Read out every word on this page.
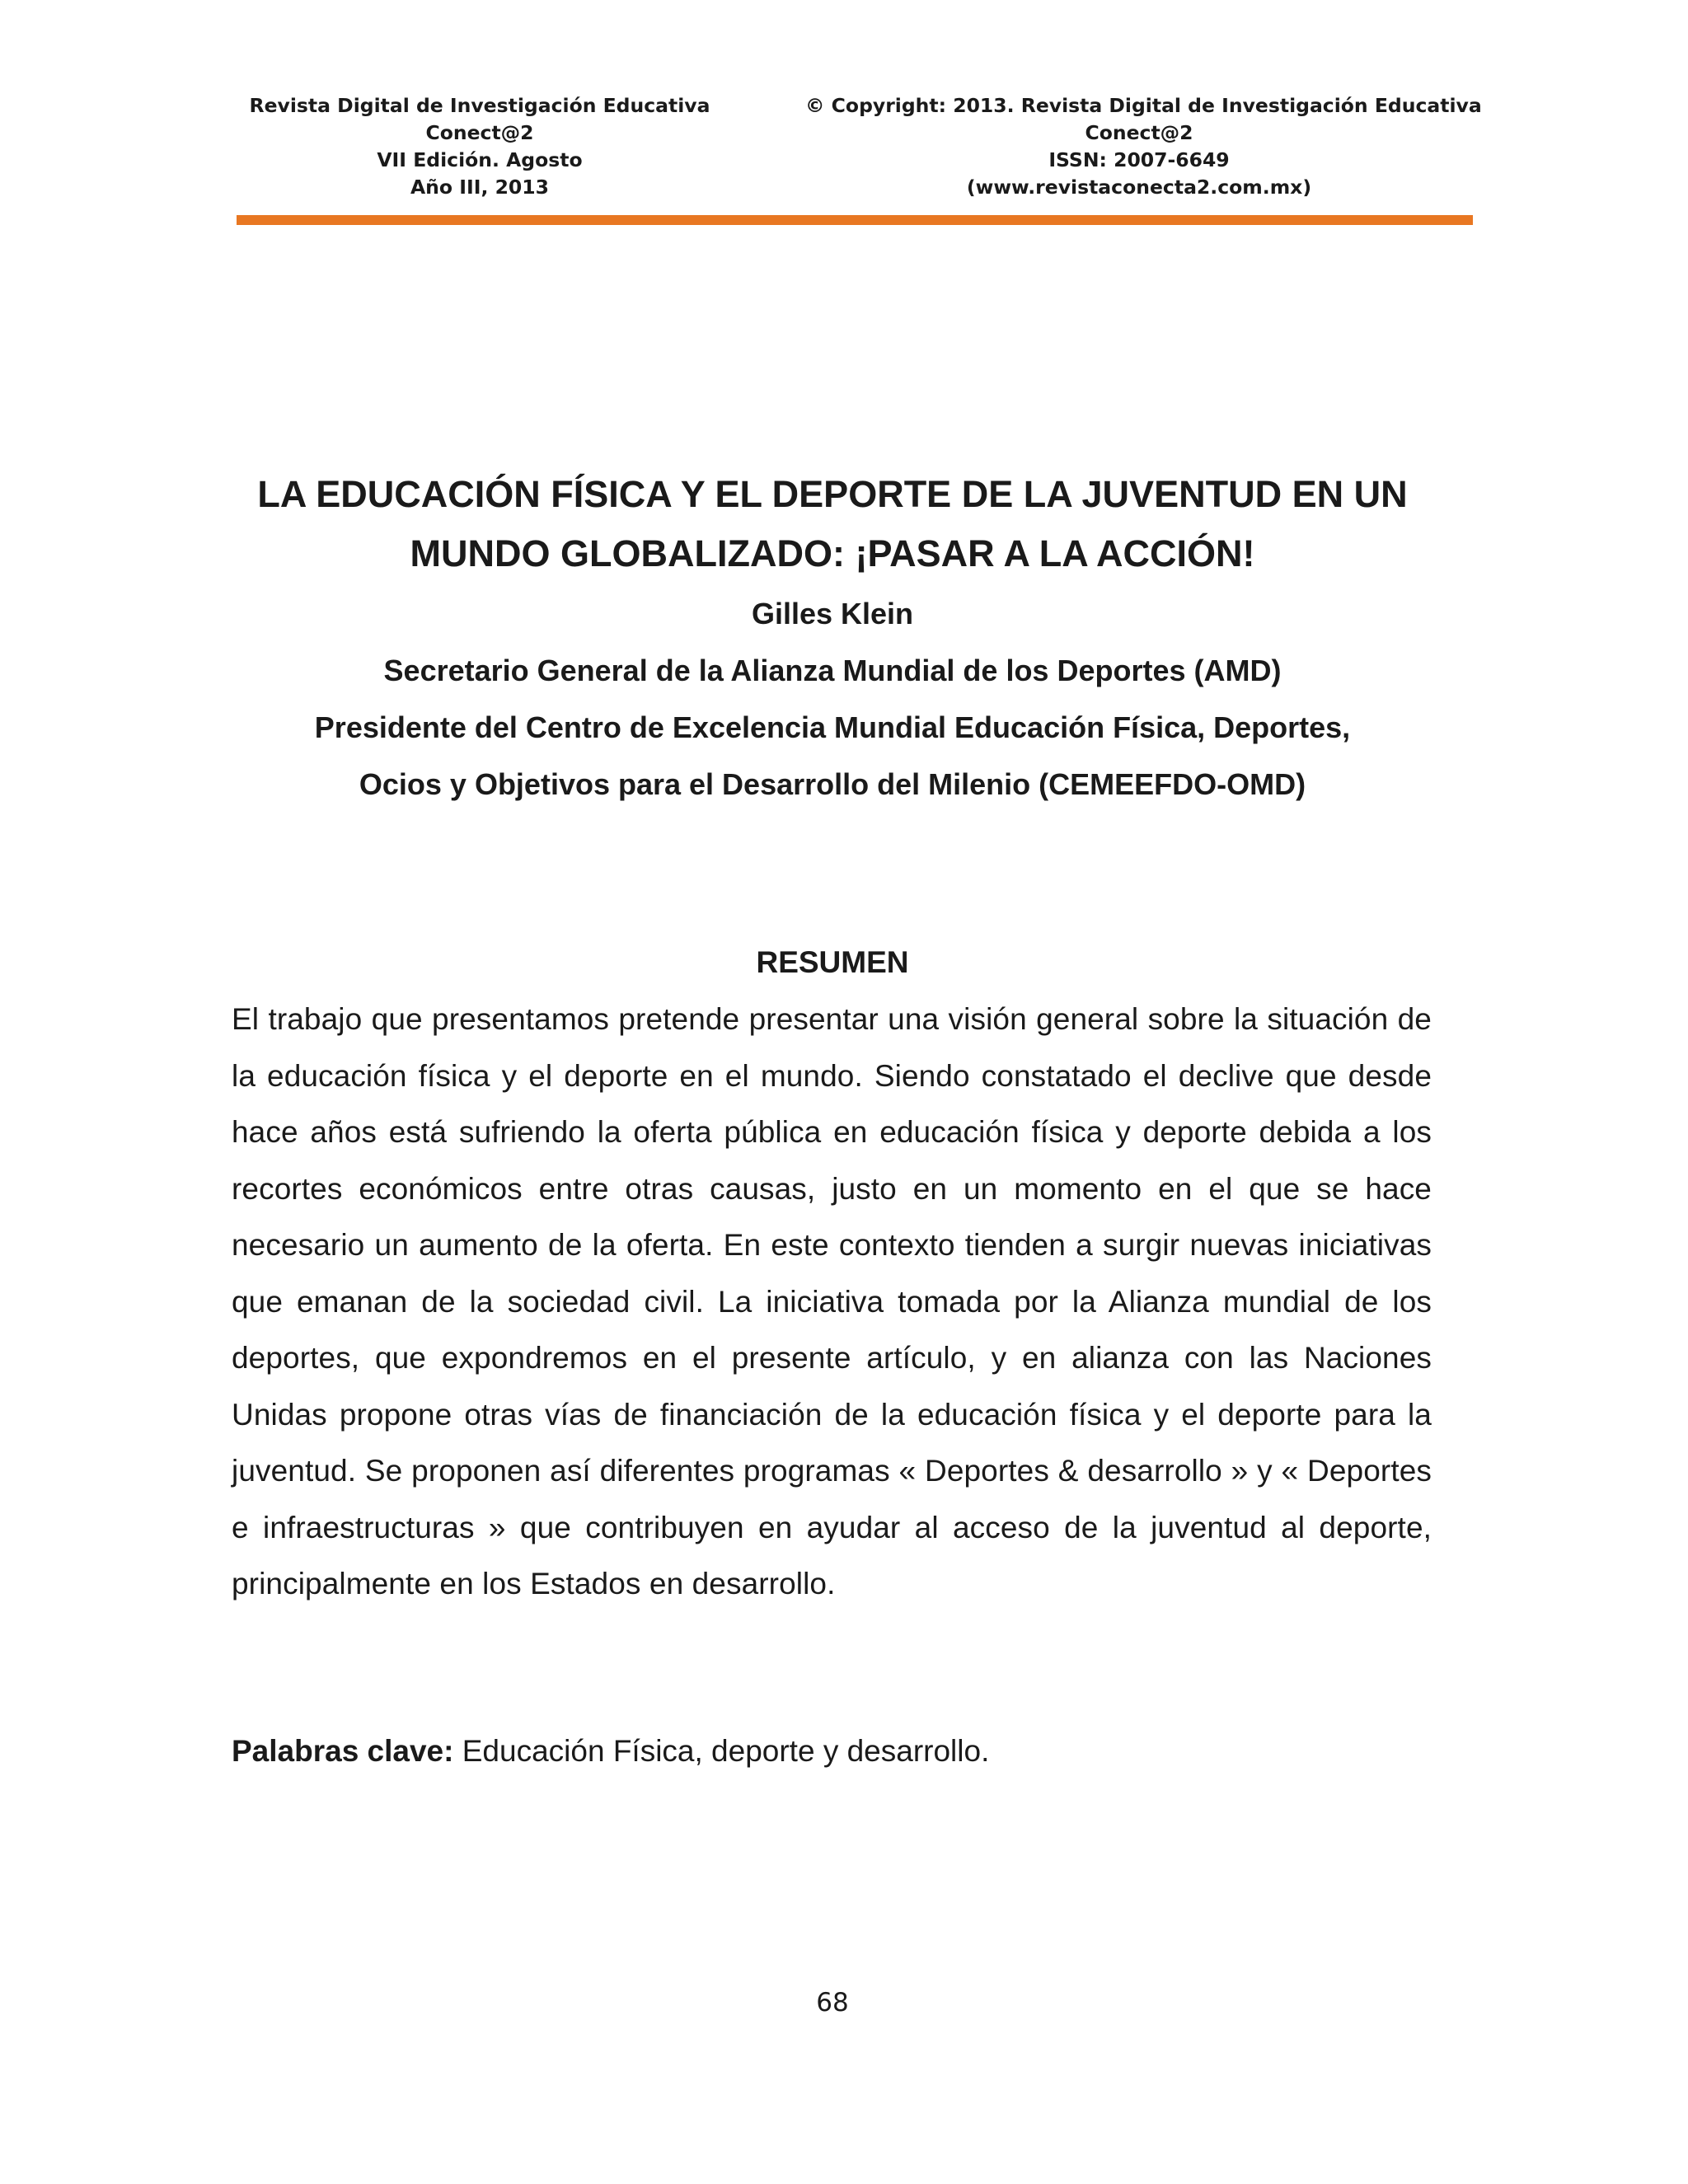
Revista Digital de Investigación Educativa
Conect@2
VII Edición. Agosto
Año III, 2013
© Copyright: 2013. Revista Digital de Investigación Educativa
Conect@2
ISSN: 2007-6649
(www.revistaconecta2.com.mx)
LA EDUCACIÓN FÍSICA Y EL DEPORTE DE LA JUVENTUD EN UN
MUNDO GLOBALIZADO: ¡PASAR A LA ACCIÓN!

Gilles Klein

Secretario General de la Alianza Mundial de los Deportes (AMD)

Presidente del Centro de Excelencia Mundial Educación Física, Deportes,

Ocios y Objetivos para el Desarrollo del Milenio (CEMEEFDO-OMD)

RESUMEN

El trabajo que presentamos pretende presentar una visión general sobre la situación de la educación física y el deporte en el mundo. Siendo constatado el declive que desde hace años está sufriendo la oferta pública en educación física y deporte debida a los recortes económicos entre otras causas, justo en un momento en el que se hace necesario un aumento de la oferta. En este contexto tienden a surgir nuevas iniciativas que emanan de la sociedad civil. La iniciativa tomada por la Alianza mundial de los deportes, que expondremos en el presente artículo, y en alianza con las Naciones Unidas propone otras vías de financiación de la educación física y el deporte para la juventud. Se proponen así diferentes programas « Deportes & desarrollo » y « Deportes e infraestructuras » que contribuyen en ayudar al acceso de la juventud al deporte, principalmente en los Estados en desarrollo.

Palabras clave: Educación Física, deporte y desarrollo.

68
